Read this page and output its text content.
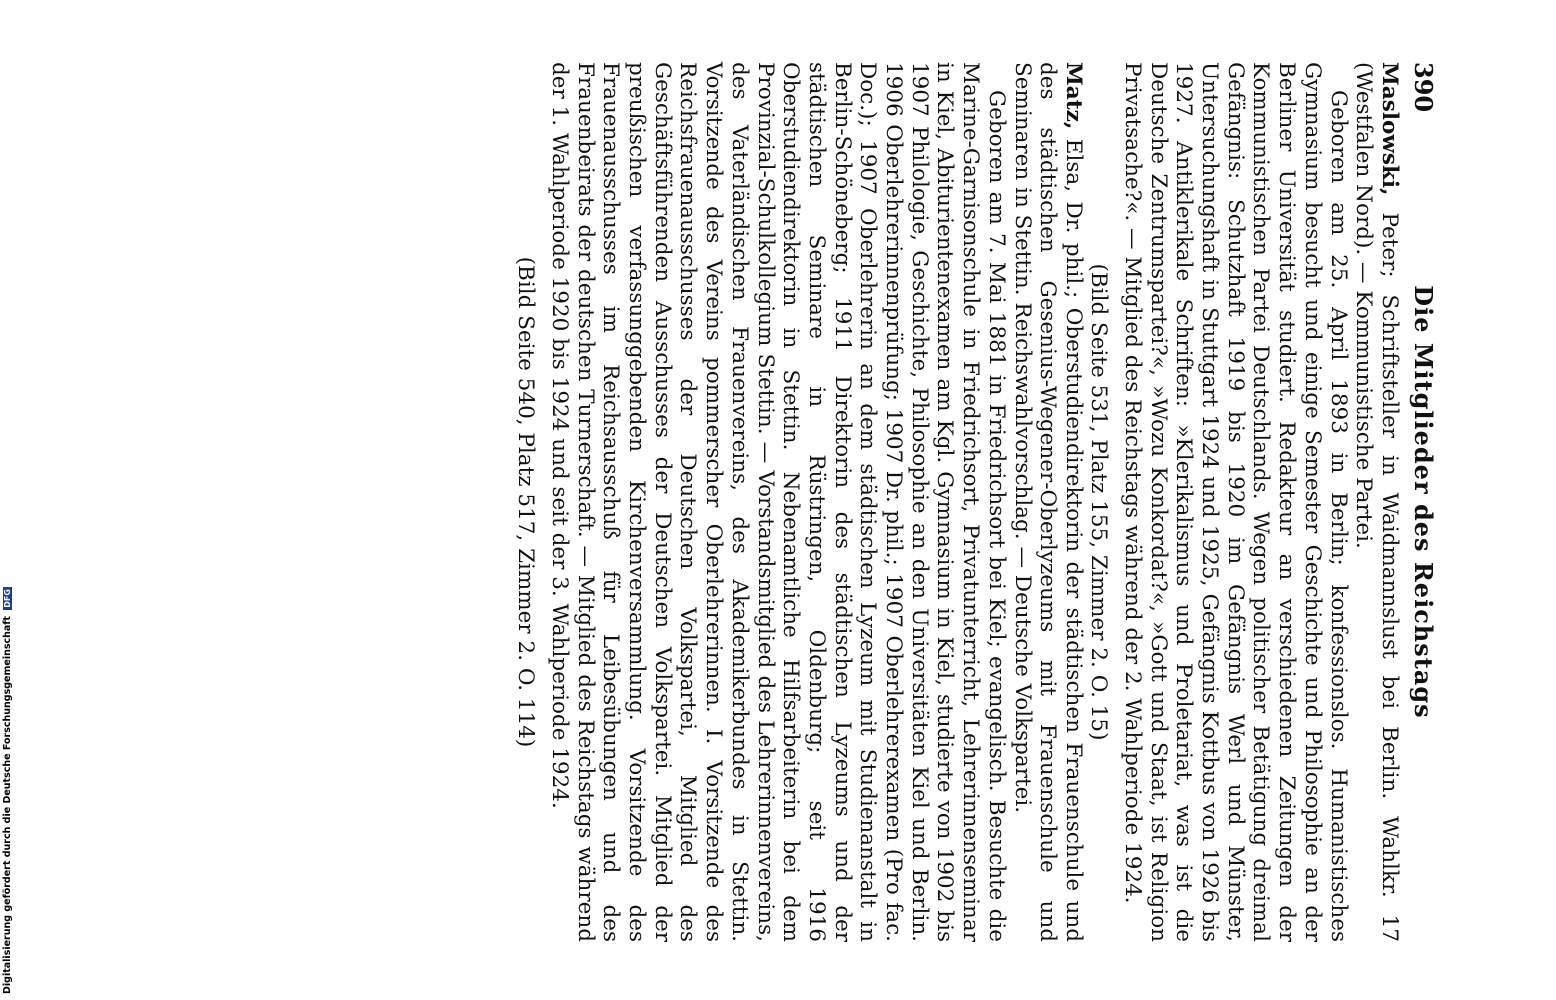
390
Die Mitglieder des Reichstags

Maslowski, Peter; Schriftsteller in Waidmannslust bei Berlin. Wahlkr. 17 (Westfalen Nord). — Kommunistische Partei.

Geboren am 25. April 1893 in Berlin; konfessionslos. Humanistisches Gymnasium besucht und einige Semester Geschichte und Philosophie an der Berliner Universität studiert. Redakteur an verschiedenen Zeitungen der Kommunistischen Partei Deutschlands. Wegen politischer Betätigung dreimal Gefängnis: Schutzhaft 1919 bis 1920 im Gefängnis Werl und Münster, Untersuchungshaft in Stuttgart 1924 und 1925, Gefängnis Kottbus von 1926 bis 1927. Antiklerikale Schriften: »Klerikalismus und Proletariat, was ist die Deutsche Zentrumspartei?«, »Wozu Konkordat?«, »Gott und Staat, ist Religion Privatsache?«. — Mitglied des Reichstags während der 2. Wahlperiode 1924.

(Bild Seite 531, Platz 155, Zimmer 2. O. 15)

Matz, Elsa, Dr. phil.; Oberstudiendirektorin der städtischen Frauenschule und des städtischen Gesenius-Wegener-Oberlyzeums mit Frauenschule und Seminaren in Stettin. Reichswahlvorschlag. — Deutsche Volkspartei.

Geboren am 7. Mai 1881 in Friedrichsort bei Kiel; evangelisch. Besuchte die Marine-Garnisonschule in Friedrichsort, Privatunterricht, Lehrerinnenseminar in Kiel, Abiturientenexamen am Kgl. Gymnasium in Kiel, studierte von 1902 bis 1907 Philologie, Geschichte, Philosophie an den Universitäten Kiel und Berlin. 1906 Oberlehrerinnenprüfung; 1907 Dr. phil.; 1907 Oberlehrerexamen (Pro fac. Doc.); 1907 Oberlehrerin an dem städtischen Lyzeum mit Studienanstalt in Berlin-Schöneberg; 1911 Direktorin des städtischen Lyzeums und der städtischen Seminare in Rüstringen, Oldenburg; seit 1916 Oberstudiendirektorin in Stettin. Nebenamtliche Hilfsarbeiterin bei dem Provinzial-Schulkollegium Stettin. — Vorstandsmitglied des Lehrerinnenvereins, des Vaterländischen Frauenvereins, des Akademikerbundes in Stettin. Vorsitzende des Vereins pommerscher Oberlehrerinnen. I. Vorsitzende des Reichsfrauenausschusses der Deutschen Volkspartei, Mitglied des Geschäftsführenden Ausschusses der Deutschen Volkspartei. Mitglied der preußischen verfassunggebenden Kirchenversammlung. Vorsitzende des Frauenausschusses im Reichsausschuß für Leibesübungen und des Frauenbeirats der deutschen Turnerschaft. — Mitglied des Reichstags während der 1. Wahlperiode 1920 bis 1924 und seit der 3. Wahlperiode 1924.

(Bild Seite 540, Platz 517, Zimmer 2. O. 114)

Digitalisierung gefördert durch die Deutsche Forschungsgemeinschaft DFG
